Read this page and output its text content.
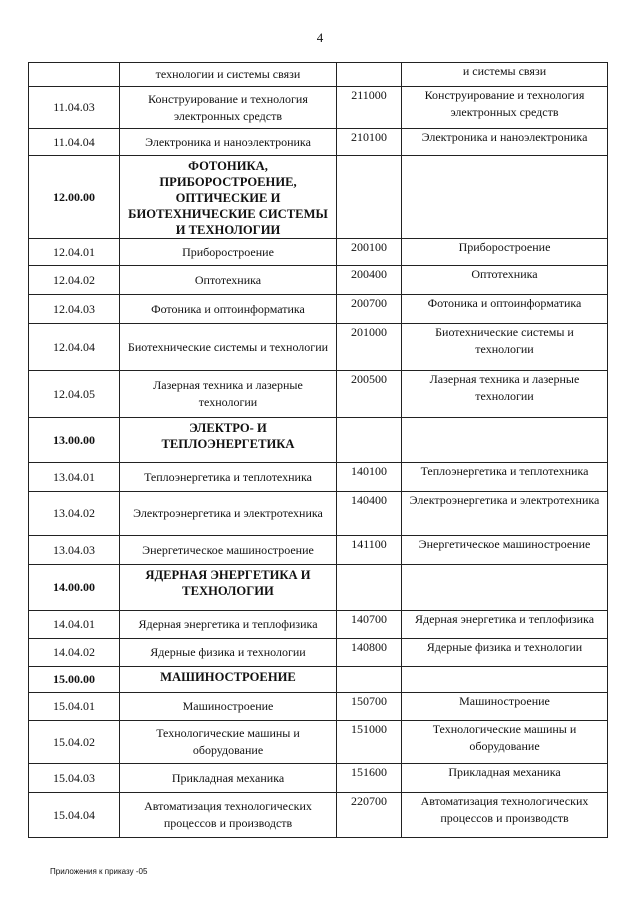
4
	технологии и системы связи		и системы связи
11.04.03	Конструирование и технология электронных средств	211000	Конструирование и технология электронных средств
11.04.04	Электроника и наноэлектроника	210100	Электроника и наноэлектроника
12.00.00	ФОТОНИКА, ПРИБОРОСТРОЕНИЕ, ОПТИЧЕСКИЕ И БИОТЕХНИЧЕСКИЕ СИСТЕМЫ И ТЕХНОЛОГИИ		
12.04.01	Приборостроение	200100	Приборостроение
12.04.02	Оптотехника	200400	Оптотехника
12.04.03	Фотоника и оптоинформатика	200700	Фотоника и оптоинформатика
12.04.04	Биотехнические системы и технологии	201000	Биотехнические системы и технологии
12.04.05	Лазерная техника и лазерные технологии	200500	Лазерная техника и лазерные технологии
13.00.00	ЭЛЕКТРО- И ТЕПЛОЭНЕРГЕТИКА		
13.04.01	Теплоэнергетика и теплотехника	140100	Теплоэнергетика и теплотехника
13.04.02	Электроэнергетика и электротехника	140400	Электроэнергетика и электротехника
13.04.03	Энергетическое машиностроение	141100	Энергетическое машиностроение
14.00.00	ЯДЕРНАЯ ЭНЕРГЕТИКА И ТЕХНОЛОГИИ		
14.04.01	Ядерная энергетика и теплофизика	140700	Ядерная энергетика и теплофизика
14.04.02	Ядерные физика и технологии	140800	Ядерные физика и технологии
15.00.00	МАШИНОСТРОЕНИЕ		
15.04.01	Машиностроение	150700	Машиностроение
15.04.02	Технологические машины и оборудование	151000	Технологические машины и оборудование
15.04.03	Прикладная механика	151600	Прикладная механика
15.04.04	Автоматизация технологических процессов и производств	220700	Автоматизация технологических процессов и производств
Приложения к приказу -05
